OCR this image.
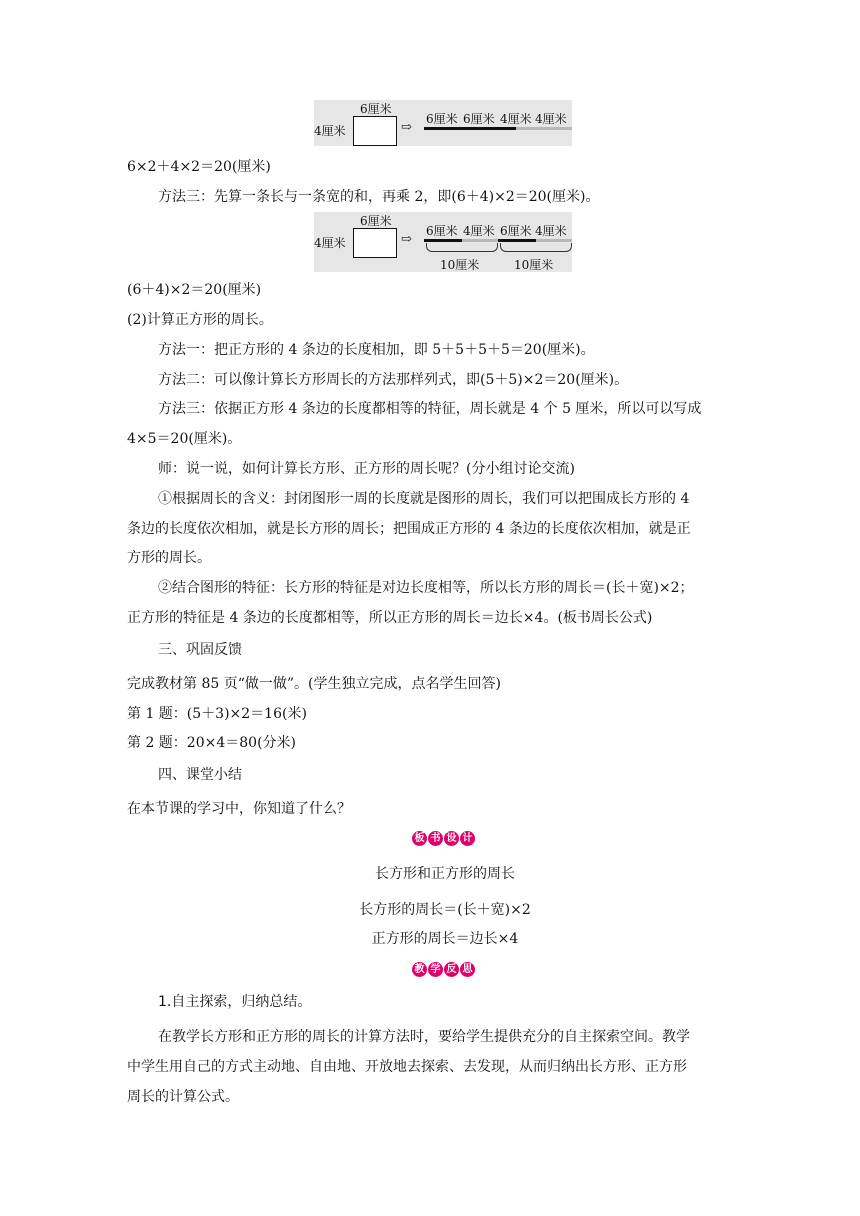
6厘米
4厘米	⇨
6厘米 6厘米 4厘米 4厘米
6×2＋4×2＝20(厘米)
方法三：先算一条长与一条宽的和，再乘 2，即(6＋4)×2＝20(厘米)。
6厘米
4厘米	⇨
6厘米 4厘米 6厘米 4厘米
10厘米	10厘米
(6＋4)×2＝20(厘米)
(2)计算正方形的周长。
方法一：把正方形的 4 条边的长度相加，即 5＋5＋5＋5＝20(厘米)。
方法二：可以像计算长方形周长的方法那样列式，即(5＋5)×2＝20(厘米)。
方法三：依据正方形 4 条边的长度都相等的特征，周长就是 4 个 5 厘米，所以可以写成
4×5＝20(厘米)。
师：说一说，如何计算长方形、正方形的周长呢？(分小组讨论交流)
①根据周长的含义：封闭图形一周的长度就是图形的周长，我们可以把围成长方形的 4
条边的长度依次相加，就是长方形的周长；把围成正方形的 4 条边的长度依次相加，就是正
方形的周长。
②结合图形的特征：长方形的特征是对边长度相等，所以长方形的周长＝(长＋宽)×2；
正方形的特征是 4 条边的长度都相等，所以正方形的周长＝边长×4。(板书周长公式)
三、巩固反馈
完成教材第 85 页“做一做”。(学生独立完成，点名学生回答)
第 1 题：(5＋3)×2＝16(米)
第 2 题：20×4＝80(分米)
四、课堂小结
在本节课的学习中，你知道了什么？
板 书 设 计
长方形和正方形的周长
长方形的周长＝(长＋宽)×2
正方形的周长＝边长×4
教 学 反 思
1.自主探索，归纳总结。
在教学长方形和正方形的周长的计算方法时，要给学生提供充分的自主探索空间。教学
中学生用自己的方式主动地、自由地、开放地去探索、去发现，从而归纳出长方形、正方形
周长的计算公式。
